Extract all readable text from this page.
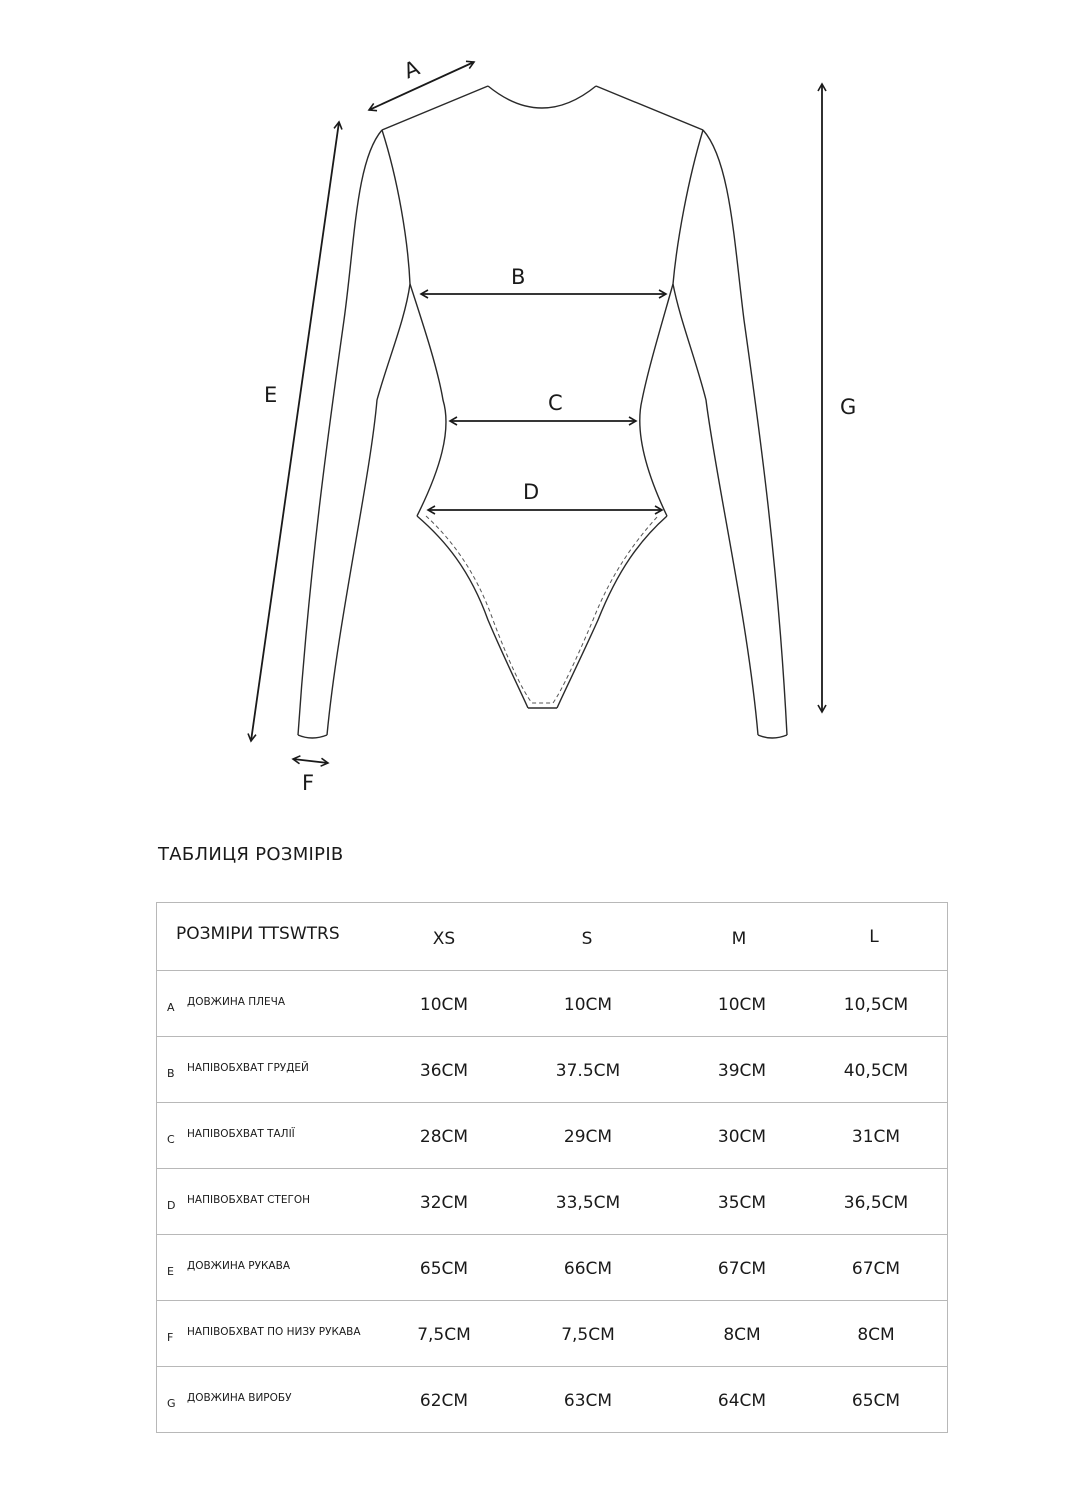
A
B
C
D
E
F
G
ТАБЛИЦЯ РОЗМІРІВ
РОЗМІРИ TTSWTRS	XS	S	M	L
A ДОВЖИНА ПЛЕЧА	10CM	10CM	10CM	10,5CM
B НАПІВОБХВАТ ГРУДЕЙ	36CM	37.5CM	39CM	40,5CM
C НАПІВОБХВАТ ТАЛІЇ	28CM	29CM	30CM	31CM
D НАПІВОБХВАТ СТЕГОН	32CM	33,5CM	35CM	36,5CM
E ДОВЖИНА РУКАВА	65CM	66CM	67CM	67CM
F НАПІВОБХВАТ ПО НИЗУ РУКАВА	7,5CM	7,5CM	8CM	8CM
G ДОВЖИНА ВИРОБУ	62CM	63CM	64CM	65CM
